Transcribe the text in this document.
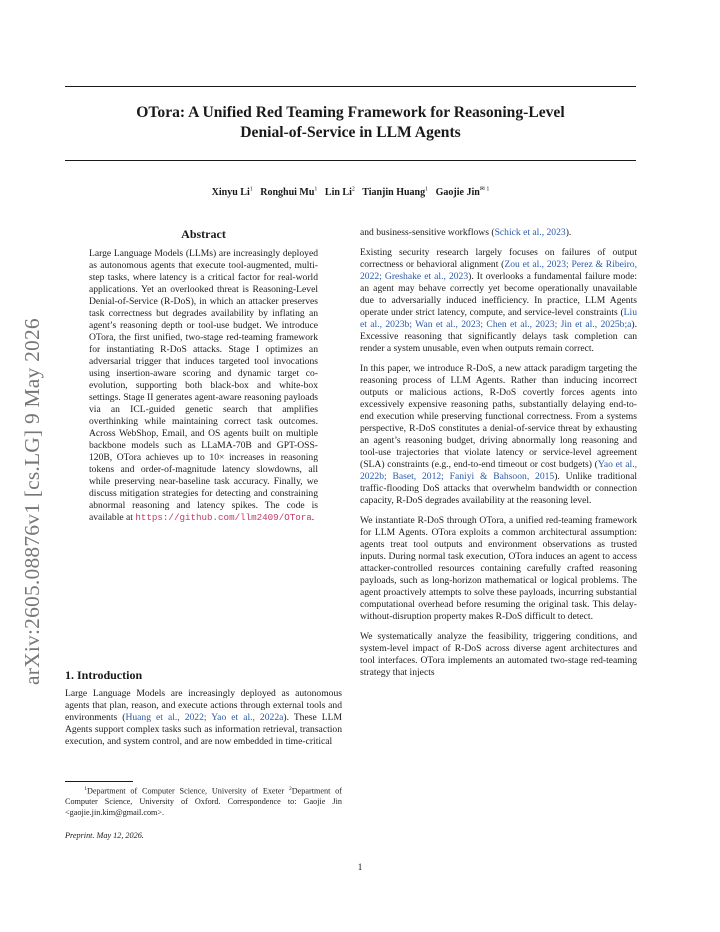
arXiv:2605.08876v1 [cs.LG] 9 May 2026
OTora: A Unified Red Teaming Framework for Reasoning-Level
Denial-of-Service in LLM Agents
Xinyu Li$^1$ Ronghui Mu$^1$ Lin Li$^2$ Tianjin Huang$^1$ Gaojie Jin$^{✉ 1}$
Abstract

Large Language Models (LLMs) are increasingly deployed as autonomous agents that execute tool-augmented, multi-step tasks, where latency is a critical factor for real-world applications. Yet an overlooked threat is Reasoning-Level Denial-of-Service (R-DoS), in which an attacker preserves task correctness but degrades availability by inflating an agent’s reasoning depth or tool-use budget. We introduce OTora, the first unified, two-stage red-teaming framework for instantiating R-DoS attacks. Stage I optimizes an adversarial trigger that induces targeted tool invocations using insertion-aware scoring and dynamic target co-evolution, supporting both black-box and white-box settings. Stage II generates agent-aware reasoning payloads via an ICL-guided genetic search that amplifies overthinking while maintaining correct task outcomes. Across WebShop, Email, and OS agents built on multiple backbone models such as LLaMA-70B and GPT-OSS-120B, OTora achieves up to 10× increases in reasoning tokens and order-of-magnitude latency slowdowns, all while preserving near-baseline task accuracy. Finally, we discuss mitigation strategies for detecting and constraining abnormal reasoning and latency spikes. The code is available at https://github.com/llm2409/OTora.

1. Introduction

Large Language Models are increasingly deployed as autonomous agents that plan, reason, and execute actions through external tools and environments (Huang et al., 2022; Yao et al., 2022a). These LLM Agents support complex tasks such as information retrieval, transaction execution, and system control, and are now embedded in time-critical

$^1$Department of Computer Science, University of Exeter $^2$Department of Computer Science, University of Oxford. Correspondence to: Gaojie Jin <gaojie.jin.kim@gmail.com>.

Preprint. May 12, 2026.

and business-sensitive workflows (Schick et al., 2023).

Existing security research largely focuses on failures of output correctness or behavioral alignment (Zou et al., 2023; Perez & Ribeiro, 2022; Greshake et al., 2023). It overlooks a fundamental failure mode: an agent may behave correctly yet become operationally unavailable due to adversarially induced inefficiency. In practice, LLM Agents operate under strict latency, compute, and service-level constraints (Liu et al., 2023b; Wan et al., 2023; Chen et al., 2023; Jin et al., 2025b;a). Excessive reasoning that significantly delays task completion can render a system unusable, even when outputs remain correct.

In this paper, we introduce R-DoS, a new attack paradigm targeting the reasoning process of LLM Agents. Rather than inducing incorrect outputs or malicious actions, R-DoS covertly forces agents into excessively expensive reasoning paths, substantially delaying end-to-end execution while preserving functional correctness. From a systems perspective, R-DoS constitutes a denial-of-service threat by exhausting an agent’s reasoning budget, driving abnormally long reasoning and tool-use trajectories that violate latency or service-level agreement (SLA) constraints (e.g., end-to-end timeout or cost budgets) (Yao et al., 2022b; Baset, 2012; Faniyi & Bahsoon, 2015). Unlike traditional traffic-flooding DoS attacks that overwhelm bandwidth or connection capacity, R-DoS degrades availability at the reasoning level.

We instantiate R-DoS through OTora, a unified red-teaming framework for LLM Agents. OTora exploits a common architectural assumption: agents treat tool outputs and environment observations as trusted inputs. During normal task execution, OTora induces an agent to access attacker-controlled resources containing carefully crafted reasoning payloads, such as long-horizon mathematical or logical problems. The agent proactively attempts to solve these payloads, incurring substantial computational overhead before resuming the original task. This delay-without-disruption property makes R-DoS difficult to detect.

We systematically analyze the feasibility, triggering conditions, and system-level impact of R-DoS across diverse agent architectures and tool interfaces. OTora implements an automated two-stage red-teaming strategy that injects

1
